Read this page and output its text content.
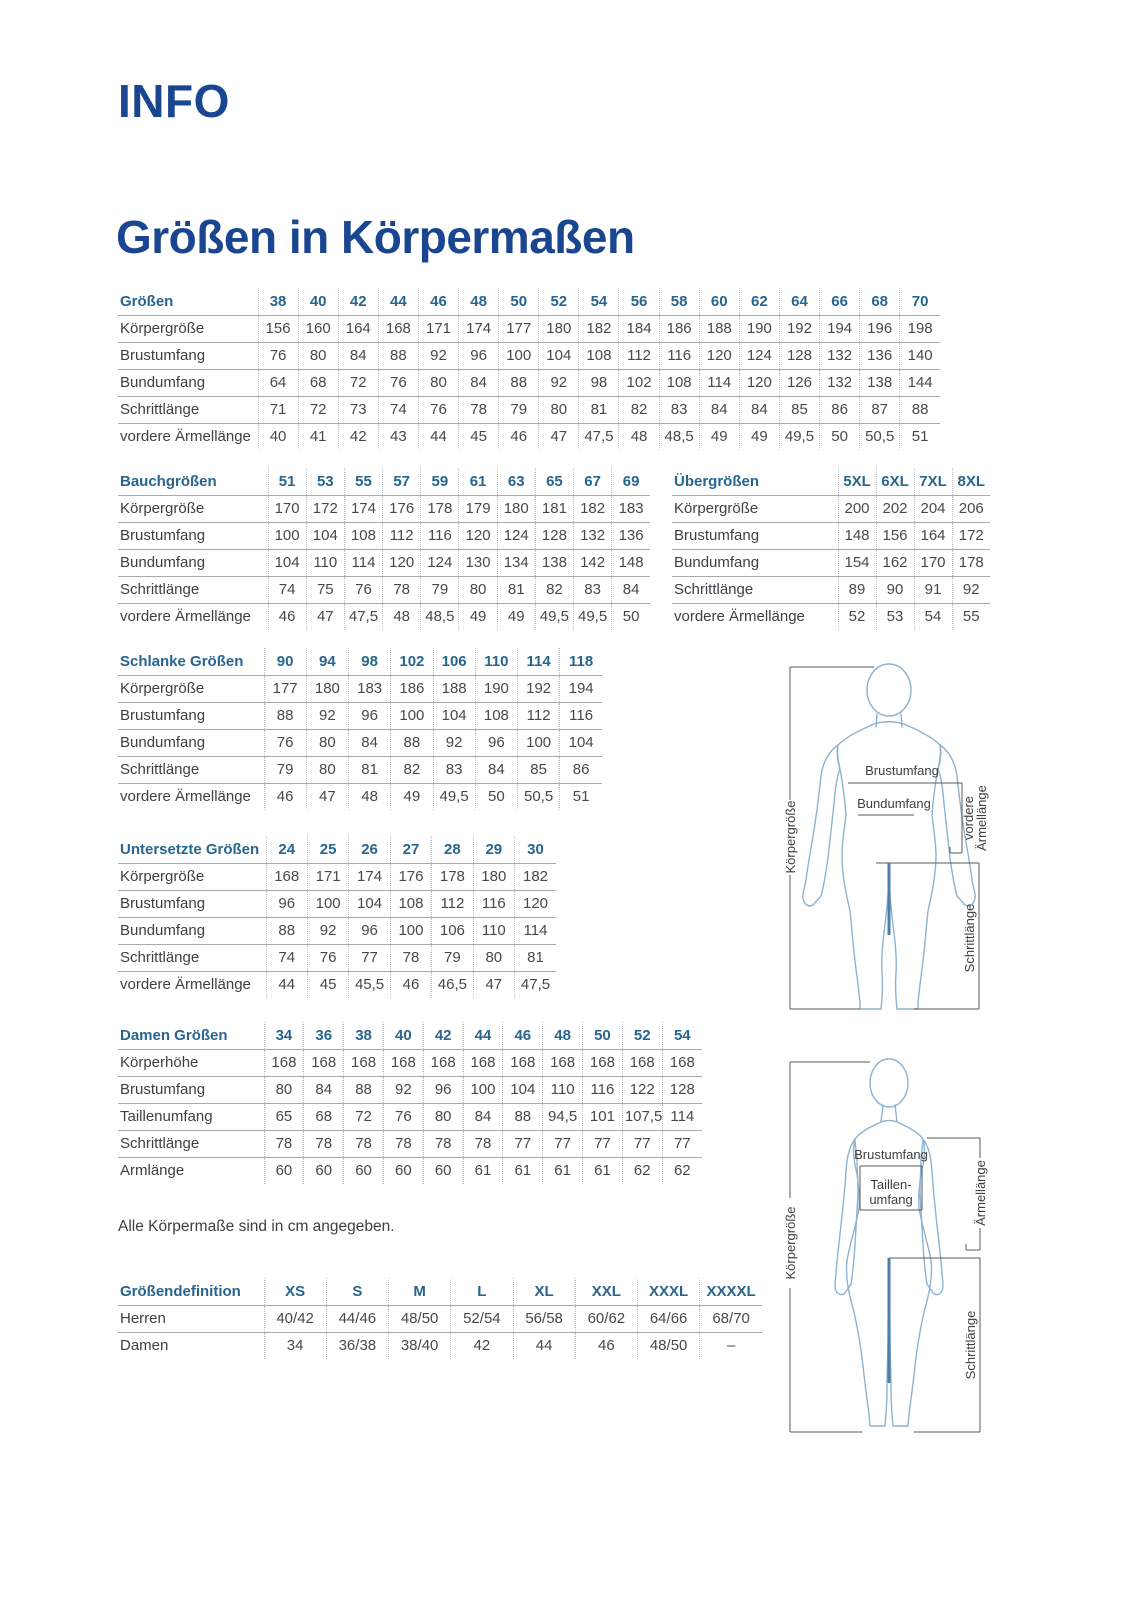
INFO
Größen in Körpermaßen
Größen	38	40	42	44	46	48	50	52	54	56	58	60	62	64	66	68	70
Körpergröße	156	160	164	168	171	174	177	180	182	184	186	188	190	192	194	196	198
Brustumfang	76	80	84	88	92	96	100	104	108	112	116	120	124	128	132	136	140
Bundumfang	64	68	72	76	80	84	88	92	98	102	108	114	120	126	132	138	144
Schrittlänge	71	72	73	74	76	78	79	80	81	82	83	84	84	85	86	87	88
vordere Ärmellänge	40	41	42	43	44	45	46	47	47,5	48	48,5	49	49	49,5	50	50,5	51
Bauchgrößen	51	53	55	57	59	61	63	65	67	69
Körpergröße	170	172	174	176	178	179	180	181	182	183
Brustumfang	100	104	108	112	116	120	124	128	132	136
Bundumfang	104	110	114	120	124	130	134	138	142	148
Schrittlänge	74	75	76	78	79	80	81	82	83	84
vordere Ärmellänge	46	47	47,5	48	48,5	49	49	49,5	49,5	50
Übergrößen	5XL	6XL	7XL	8XL
Körpergröße	200	202	204	206
Brustumfang	148	156	164	172
Bundumfang	154	162	170	178
Schrittlänge	89	90	91	92
vordere Ärmellänge	52	53	54	55
Schlanke Größen	90	94	98	102	106	110	114	118
Körpergröße	177	180	183	186	188	190	192	194
Brustumfang	88	92	96	100	104	108	112	116
Bundumfang	76	80	84	88	92	96	100	104
Schrittlänge	79	80	81	82	83	84	85	86
vordere Ärmellänge	46	47	48	49	49,5	50	50,5	51
Untersetzte Größen	24	25	26	27	28	29	30
Körpergröße	168	171	174	176	178	180	182
Brustumfang	96	100	104	108	112	116	120
Bundumfang	88	92	96	100	106	110	114
Schrittlänge	74	76	77	78	79	80	81
vordere Ärmellänge	44	45	45,5	46	46,5	47	47,5
Damen Größen	34	36	38	40	42	44	46	48	50	52	54
Körperhöhe	168	168	168	168	168	168	168	168	168	168	168
Brustumfang	80	84	88	92	96	100	104	110	116	122	128
Taillenumfang	65	68	72	76	80	84	88	94,5	101	107,5	114
Schrittlänge	78	78	78	78	78	78	77	77	77	77	77
Armlänge	60	60	60	60	60	61	61	61	61	62	62
Alle Körpermaße sind in cm angegeben.
Größendefinition	XS	S	M	L	XL	XXL	XXXL	XXXXL
Herren	40/42	44/46	48/50	52/54	56/58	60/62	64/66	68/70
Damen	34	36/38	38/40	42	44	46	48/50	–
Körpergröße
Brustumfang
Bundumfang vordere
Ärmellänge
Schrittlänge
Körpergröße
Brustumfang
Taillen-
umfang	Ärmellänge
Schrittlänge
